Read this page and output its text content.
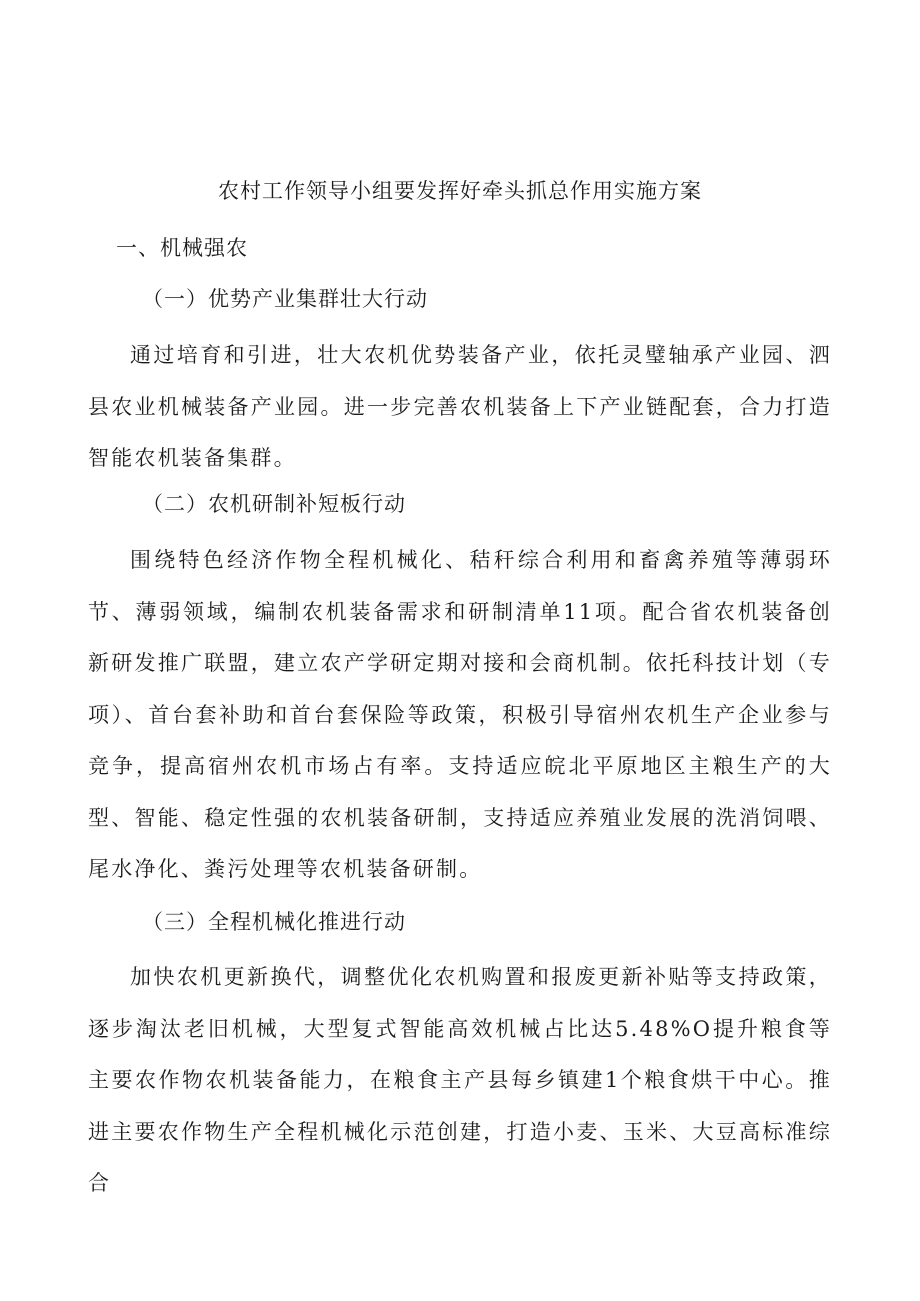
农村工作领导小组要发挥好牵头抓总作用实施方案
一、机械强农
（一）优势产业集群壮大行动

通过培育和引进，壮大农机优势装备产业，依托灵璧轴承产业园、泗县农业机械装备产业园。进一步完善农机装备上下产业链配套，合力打造智能农机装备集群。

（二）农机研制补短板行动

围绕特色经济作物全程机械化、秸秆综合利用和畜禽养殖等薄弱环节、薄弱领域，编制农机装备需求和研制清单11项。配合省农机装备创新研发推广联盟，建立农产学研定期对接和会商机制。依托科技计划（专项）、首台套补助和首台套保险等政策，积极引导宿州农机生产企业参与竞争，提高宿州农机市场占有率。支持适应皖北平原地区主粮生产的大型、智能、稳定性强的农机装备研制，支持适应养殖业发展的洗消饲喂、尾水净化、粪污处理等农机装备研制。

（三）全程机械化推进行动

加快农机更新换代，调整优化农机购置和报废更新补贴等支持政策，逐步淘汰老旧机械，大型复式智能高效机械占比达5.48%O提升粮食等主要农作物农机装备能力，在粮食主产县每乡镇建1个粮食烘干中心。推进主要农作物生产全程机械化示范创建，打造小麦、玉米、大豆高标准综合
